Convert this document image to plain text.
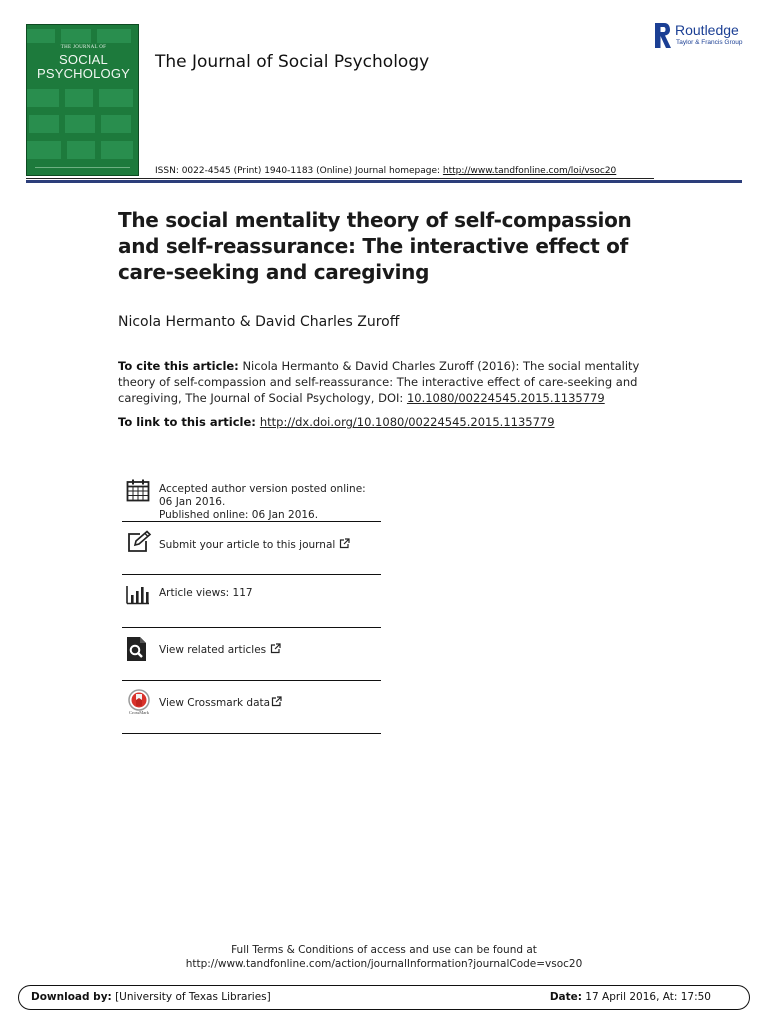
THE JOURNAL OF
SOCIAL
PSYCHOLOGY
The Journal of Social Psychology
Routledge
Taylor & Francis Group
ISSN: 0022-4545 (Print) 1940-1183 (Online) Journal homepage: http://www.tandfonline.com/loi/vsoc20
The social mentality theory of self-compassion and self-reassurance: The interactive effect of care-seeking and caregiving
Nicola Hermanto & David Charles Zuroff
To cite this article: Nicola Hermanto & David Charles Zuroff (2016): The social mentality theory of self-compassion and self-reassurance: The interactive effect of care-seeking and caregiving, The Journal of Social Psychology, DOI: 10.1080/00224545.2015.1135779
To link to this article: http://dx.doi.org/10.1080/00224545.2015.1135779
Accepted author version posted online: 06 Jan 2016.
Published online: 06 Jan 2016.
Submit your article to this journal
Article views: 117
View related articles
CrossMark
View Crossmark data
Full Terms & Conditions of access and use can be found at
http://www.tandfonline.com/action/journalInformation?journalCode=vsoc20
Download by: [University of Texas Libraries]	Date: 17 April 2016, At: 17:50
